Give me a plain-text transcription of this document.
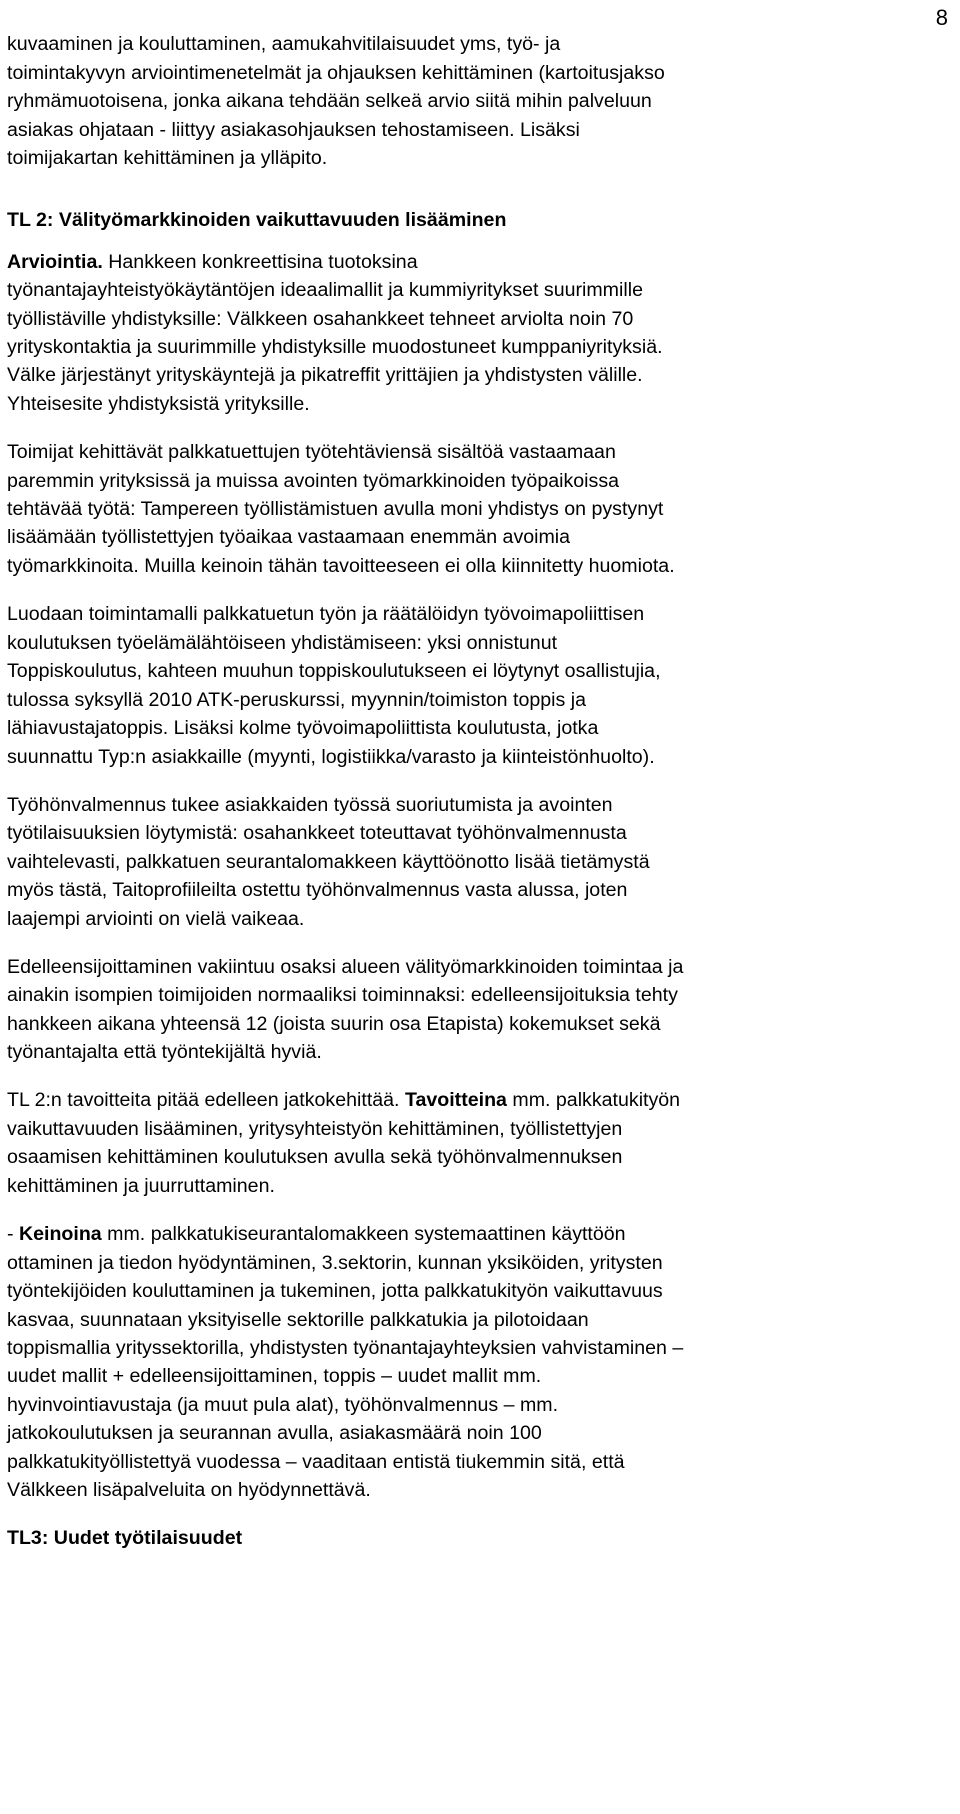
8
kuvaaminen ja kouluttaminen, aamukahvitilaisuudet yms, työ- ja
toimintakyvyn arviointimenetelmät ja ohjauksen kehittäminen (kartoitusjakso
ryhmämuotoisena, jonka aikana tehdään selkeä arvio siitä mihin palveluun
asiakas ohjataan - liittyy asiakasohjauksen tehostamiseen. Lisäksi
toimijakartan kehittäminen ja ylläpito.
TL 2: Välityömarkkinoiden vaikuttavuuden lisääminen
Arviointia. Hankkeen konkreettisina tuotoksina
työnantajayhteistyökäytäntöjen ideaalimallit ja kummiyritykset suurimmille
työllistäville yhdistyksille: Välkkeen osahankkeet tehneet arviolta noin 70
yrityskontaktia ja suurimmille yhdistyksille muodostuneet kumppaniyrityksiä.
Välke järjestänyt yrityskäyntejä ja pikatreffit yrittäjien ja yhdistysten välille.
Yhteisesite yhdistyksistä yrityksille.
Toimijat kehittävät palkkatuettujen työtehtäviensä sisältöä vastaamaan
paremmin yrityksissä ja muissa avointen työmarkkinoiden työpaikoissa
tehtävää työtä: Tampereen työllistämistuen avulla moni yhdistys on pystynyt
lisäämään työllistettyjen työaikaa vastaamaan enemmän avoimia
työmarkkinoita. Muilla keinoin tähän tavoitteeseen ei olla kiinnitetty huomiota.
Luodaan toimintamalli palkkatuetun työn ja räätälöidyn työvoimapoliittisen
koulutuksen työelämälähtöiseen yhdistämiseen: yksi onnistunut
Toppiskoulutus, kahteen muuhun toppiskoulutukseen ei löytynyt osallistujia,
tulossa syksyllä 2010 ATK-peruskurssi, myynnin/toimiston toppis ja
lähiavustajatoppis. Lisäksi kolme työvoimapoliittista koulutusta, jotka
suunnattu Typ:n asiakkaille (myynti, logistiikka/varasto ja kiinteistönhuolto).
Työhönvalmennus tukee asiakkaiden työssä suoriutumista ja avointen
työtilaisuuksien löytymistä: osahankkeet toteuttavat työhönvalmennusta
vaihtelevasti, palkkatuen seurantalomakkeen käyttöönotto lisää tietämystä
myös tästä, Taitoprofiileilta ostettu työhönvalmennus vasta alussa, joten
laajempi arviointi on vielä vaikeaa.
Edelleensijoittaminen vakiintuu osaksi alueen välityömarkkinoiden toimintaa ja
ainakin isompien toimijoiden normaaliksi toiminnaksi: edelleensijoituksia tehty
hankkeen aikana yhteensä 12 (joista suurin osa Etapista) kokemukset sekä
työnantajalta että työntekijältä hyviä.
TL 2:n tavoitteita pitää edelleen jatkokehittää. Tavoitteina mm. palkkatukityön
vaikuttavuuden lisääminen, yritysyhteistyön kehittäminen, työllistettyjen
osaamisen kehittäminen koulutuksen avulla sekä työhönvalmennuksen
kehittäminen ja juurruttaminen.
- Keinoina mm. palkkatukiseurantalomakkeen systemaattinen käyttöön
ottaminen ja tiedon hyödyntäminen, 3.sektorin, kunnan yksiköiden, yritysten
työntekijöiden kouluttaminen ja tukeminen, jotta palkkatukityön vaikuttavuus
kasvaa, suunnataan yksityiselle sektorille palkkatukia ja pilotoidaan
toppismallia yrityssektorilla, yhdistysten työnantajayhteyksien vahvistaminen –
uudet mallit + edelleensijoittaminen, toppis – uudet mallit mm.
hyvinvointiavustaja (ja muut pula alat), työhönvalmennus – mm.
jatkokoulutuksen ja seurannan avulla, asiakasmäärä noin 100
palkkatukityöllistettyä vuodessa – vaaditaan entistä tiukemmin sitä, että
Välkkeen lisäpalveluita on hyödynnettävä.
TL3: Uudet työtilaisuudet
